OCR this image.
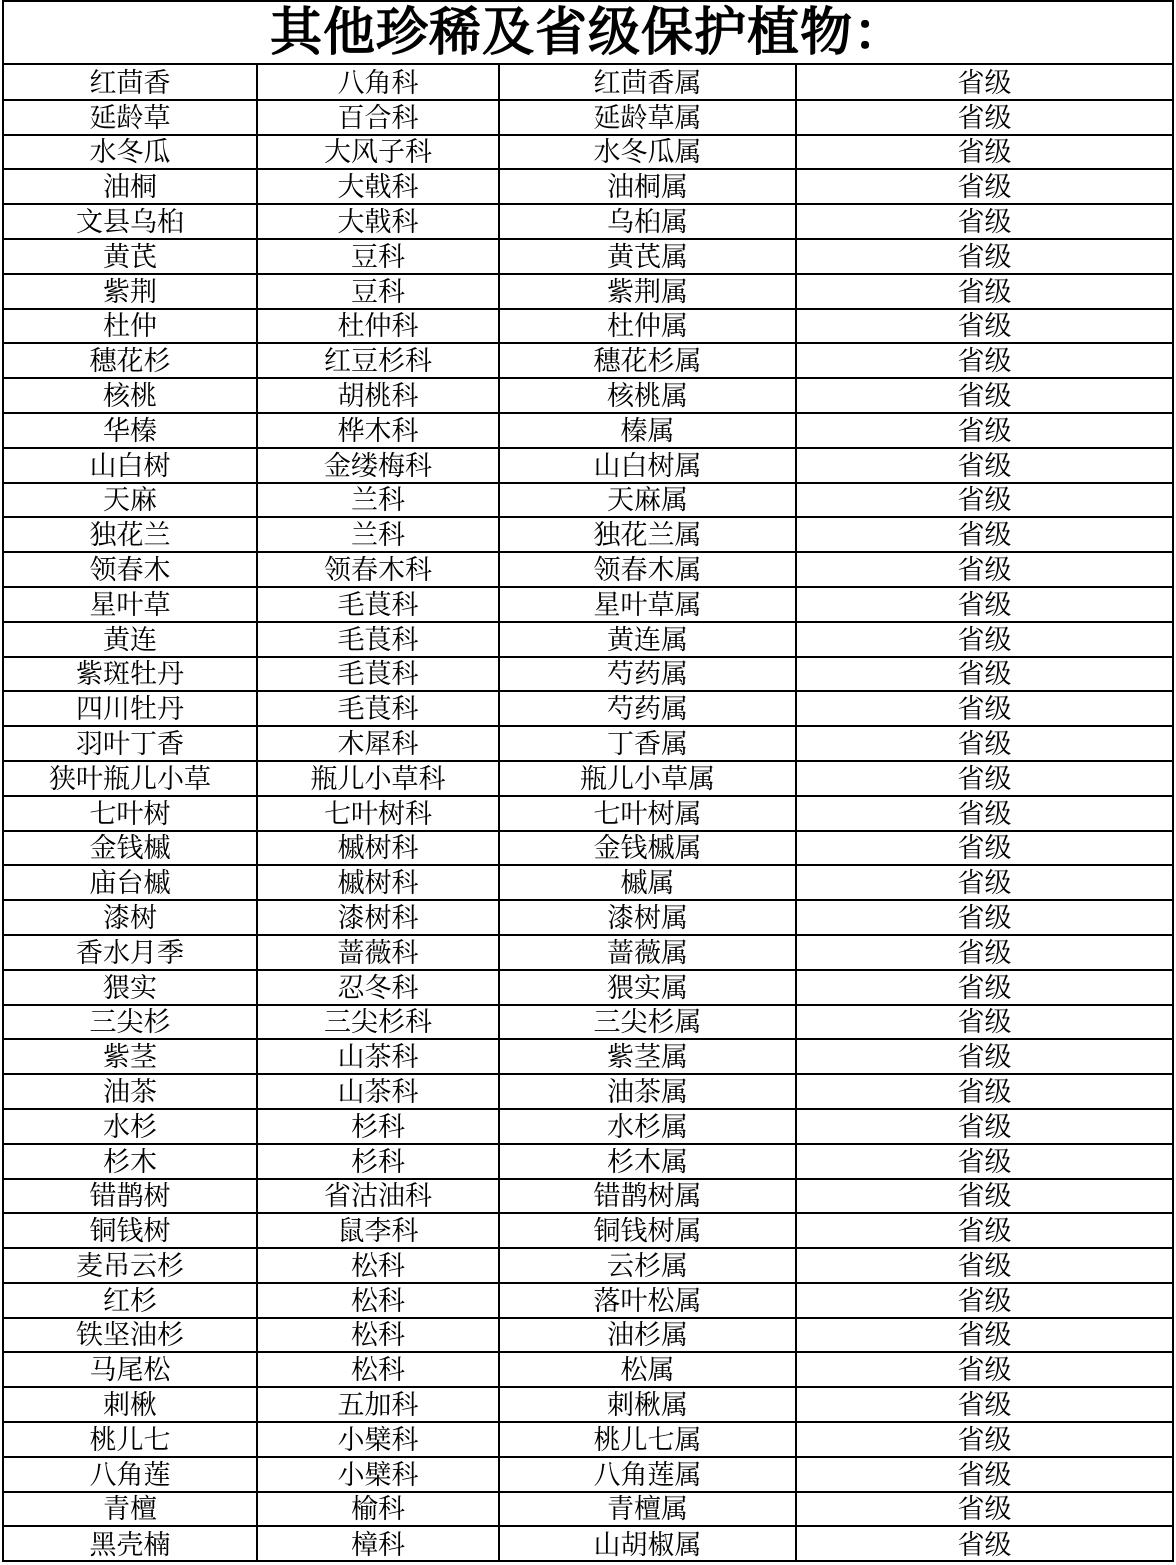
其他珍稀及省级保护植物：
红茴香	八角科	红茴香属	省级
延龄草	百合科	延龄草属	省级
水冬瓜	大风子科	水冬瓜属	省级
油桐	大戟科	油桐属	省级
文县乌桕	大戟科	乌桕属	省级
黄芪	豆科	黄芪属	省级
紫荆	豆科	紫荆属	省级
杜仲	杜仲科	杜仲属	省级
穗花杉	红豆杉科	穗花杉属	省级
核桃	胡桃科	核桃属	省级
华榛	桦木科	榛属	省级
山白树	金缕梅科	山白树属	省级
天麻	兰科	天麻属	省级
独花兰	兰科	独花兰属	省级
领春木	领春木科	领春木属	省级
星叶草	毛茛科	星叶草属	省级
黄连	毛茛科	黄连属	省级
紫斑牡丹	毛茛科	芍药属	省级
四川牡丹	毛茛科	芍药属	省级
羽叶丁香	木犀科	丁香属	省级
狭叶瓶儿小草	瓶儿小草科	瓶儿小草属	省级
七叶树	七叶树科	七叶树属	省级
金钱槭	槭树科	金钱槭属	省级
庙台槭	槭树科	槭属	省级
漆树	漆树科	漆树属	省级
香水月季	蔷薇科	蔷薇属	省级
猥实	忍冬科	猥实属	省级
三尖杉	三尖杉科	三尖杉属	省级
紫茎	山茶科	紫茎属	省级
油茶	山茶科	油茶属	省级
水杉	杉科	水杉属	省级
杉木	杉科	杉木属	省级
错鹊树	省沽油科	错鹊树属	省级
铜钱树	鼠李科	铜钱树属	省级
麦吊云杉	松科	云杉属	省级
红杉	松科	落叶松属	省级
铁坚油杉	松科	油杉属	省级
马尾松	松科	松属	省级
刺楸	五加科	刺楸属	省级
桃儿七	小檗科	桃儿七属	省级
八角莲	小檗科	八角莲属	省级
青檀	榆科	青檀属	省级
黑壳楠	樟科	山胡椒属	省级
